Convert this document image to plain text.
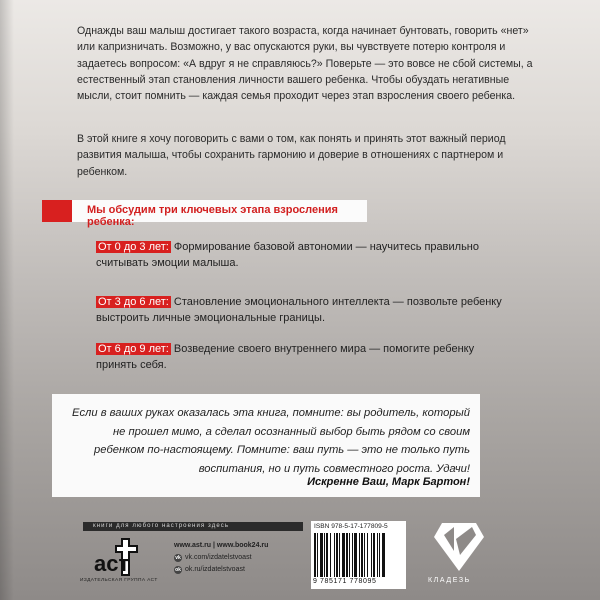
Однажды ваш малыш достигает такого возраста, когда начинает бунтовать, говорить «нет» или капризничать. Возможно, у вас опускаются руки, вы чувствуете потерю контроля и задаетесь вопросом: «А вдруг я не справляюсь?» Поверьте — это вовсе не сбой системы, а естественный этап становления личности вашего ребенка. Чтобы обуздать негативные мысли, стоит помнить — каждая семья проходит через этап взросления своего ребенка.

В этой книге я хочу поговорить с вами о том, как понять и принять этот важный период развития малыша, чтобы сохранить гармонию и доверие в отношениях с партнером и ребенком.

Мы обсудим три ключевых этапа взросления ребенка:

От 0 до 3 лет: Формирование базовой автономии — научитесь правильно считывать эмоции малыша.

От 3 до 6 лет: Становление эмоционального интеллекта — позвольте ребенку выстроить личные эмоциональные границы.

От 6 до 9 лет: Возведение своего внутреннего мира — помогите ребенку принять себя.

Если в ваших руках оказалась эта книга, помните: вы родитель, который не прошел мимо, а сделал осознанный выбор быть рядом со своим ребенком по-настоящему. Помните: ваш путь — это не только путь воспитания, но и путь совместного роста. Удачи!

Искренне Ваш, Марк Бартон!
книги для любого настроения здесь
аст
ИЗДАТЕЛЬСКАЯ ГРУППА АСТ
www.ast.ru | www.book24.ru
vk vk.com/izdatelstvoast
ok ok.ru/izdatelstvoast
ISBN 978-5-17-177809-5
9 785171 778095	КЛАДЕЗЬ
